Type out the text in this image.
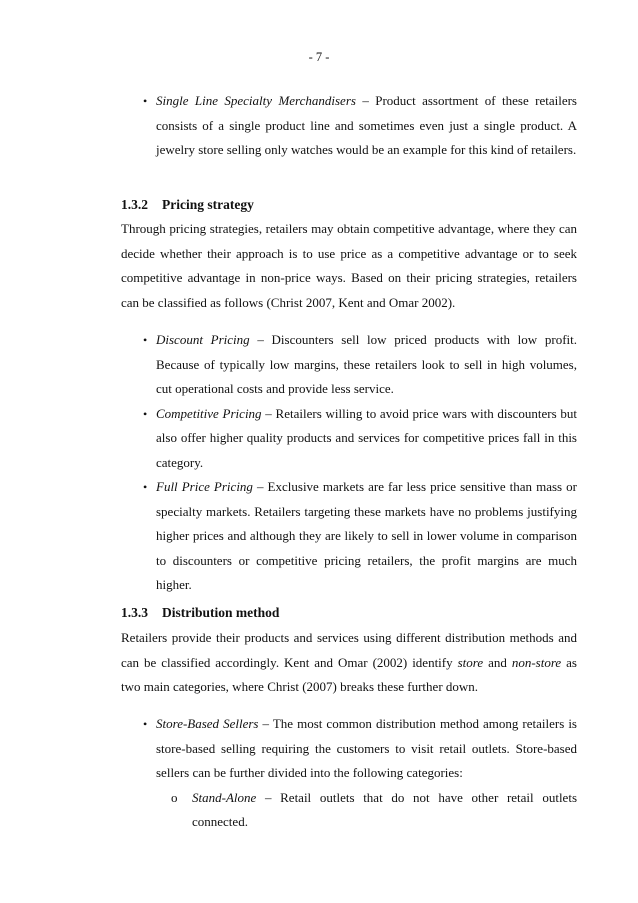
- 7 -
• Single Line Specialty Merchandisers – Product assortment of these retailers consists of a single product line and sometimes even just a single product. A jewelry store selling only watches would be an example for this kind of retailers.
1.3.2 Pricing strategy
Through pricing strategies, retailers may obtain competitive advantage, where they can decide whether their approach is to use price as a competitive advantage or to seek competitive advantage in non-price ways. Based on their pricing strategies, retailers can be classified as follows (Christ 2007, Kent and Omar 2002).
• Discount Pricing – Discounters sell low priced products with low profit. Because of typically low margins, these retailers look to sell in high volumes, cut operational costs and provide less service.
• Competitive Pricing – Retailers willing to avoid price wars with discounters but also offer higher quality products and services for competitive prices fall in this category.
• Full Price Pricing – Exclusive markets are far less price sensitive than mass or specialty markets. Retailers targeting these markets have no problems justifying higher prices and although they are likely to sell in lower volume in comparison to discounters or competitive pricing retailers, the profit margins are much higher.
1.3.3 Distribution method
Retailers provide their products and services using different distribution methods and can be classified accordingly. Kent and Omar (2002) identify store and non-store as two main categories, where Christ (2007) breaks these further down.
• Store-Based Sellers – The most common distribution method among retailers is store-based selling requiring the customers to visit retail outlets. Store-based sellers can be further divided into the following categories:
o Stand-Alone – Retail outlets that do not have other retail outlets connected.
